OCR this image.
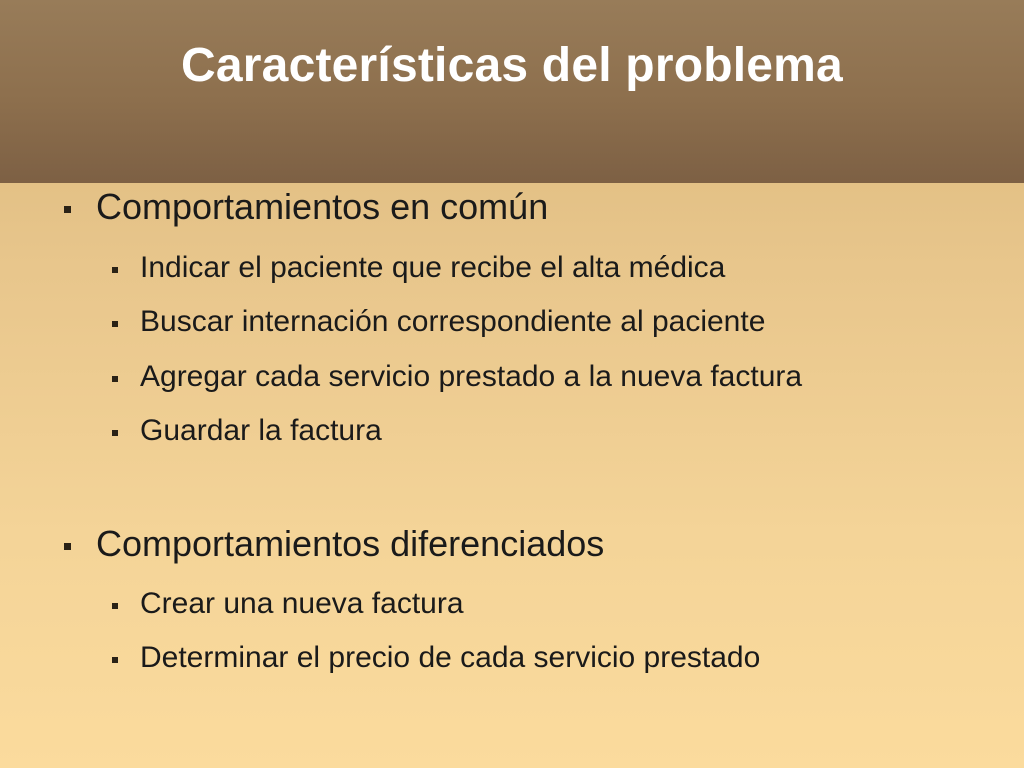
Características del problema
Comportamientos en común
Indicar el paciente que recibe el alta médica
Buscar internación correspondiente al paciente
Agregar cada servicio prestado a la nueva factura
Guardar la factura
Comportamientos diferenciados
Crear una nueva factura
Determinar el precio de cada servicio prestado
